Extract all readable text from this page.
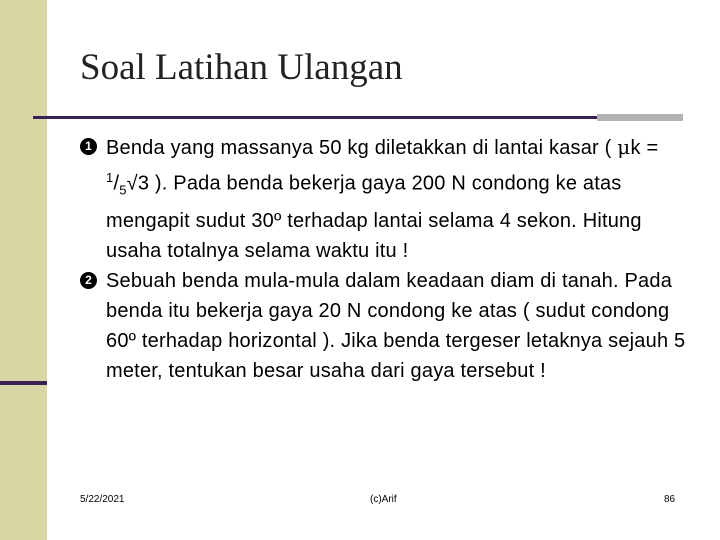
Soal Latihan Ulangan
1 Benda yang massanya 50 kg diletakkan di lantai kasar ( $\mu k = ^1/_5√3$ ). Pada benda bekerja gaya 200 N condong ke atas mengapit sudut 30º terhadap lantai selama 4 sekon. Hitung usaha totalnya selama waktu itu !
2 Sebuah benda mula-mula dalam keadaan diam di tanah. Pada benda itu bekerja gaya 20 N condong ke atas ( sudut condong 60º terhadap horizontal ). Jika benda tergeser letaknya sejauh 5 meter, tentukan besar usaha dari gaya tersebut !
5/22/2021	(c)Arif	86
